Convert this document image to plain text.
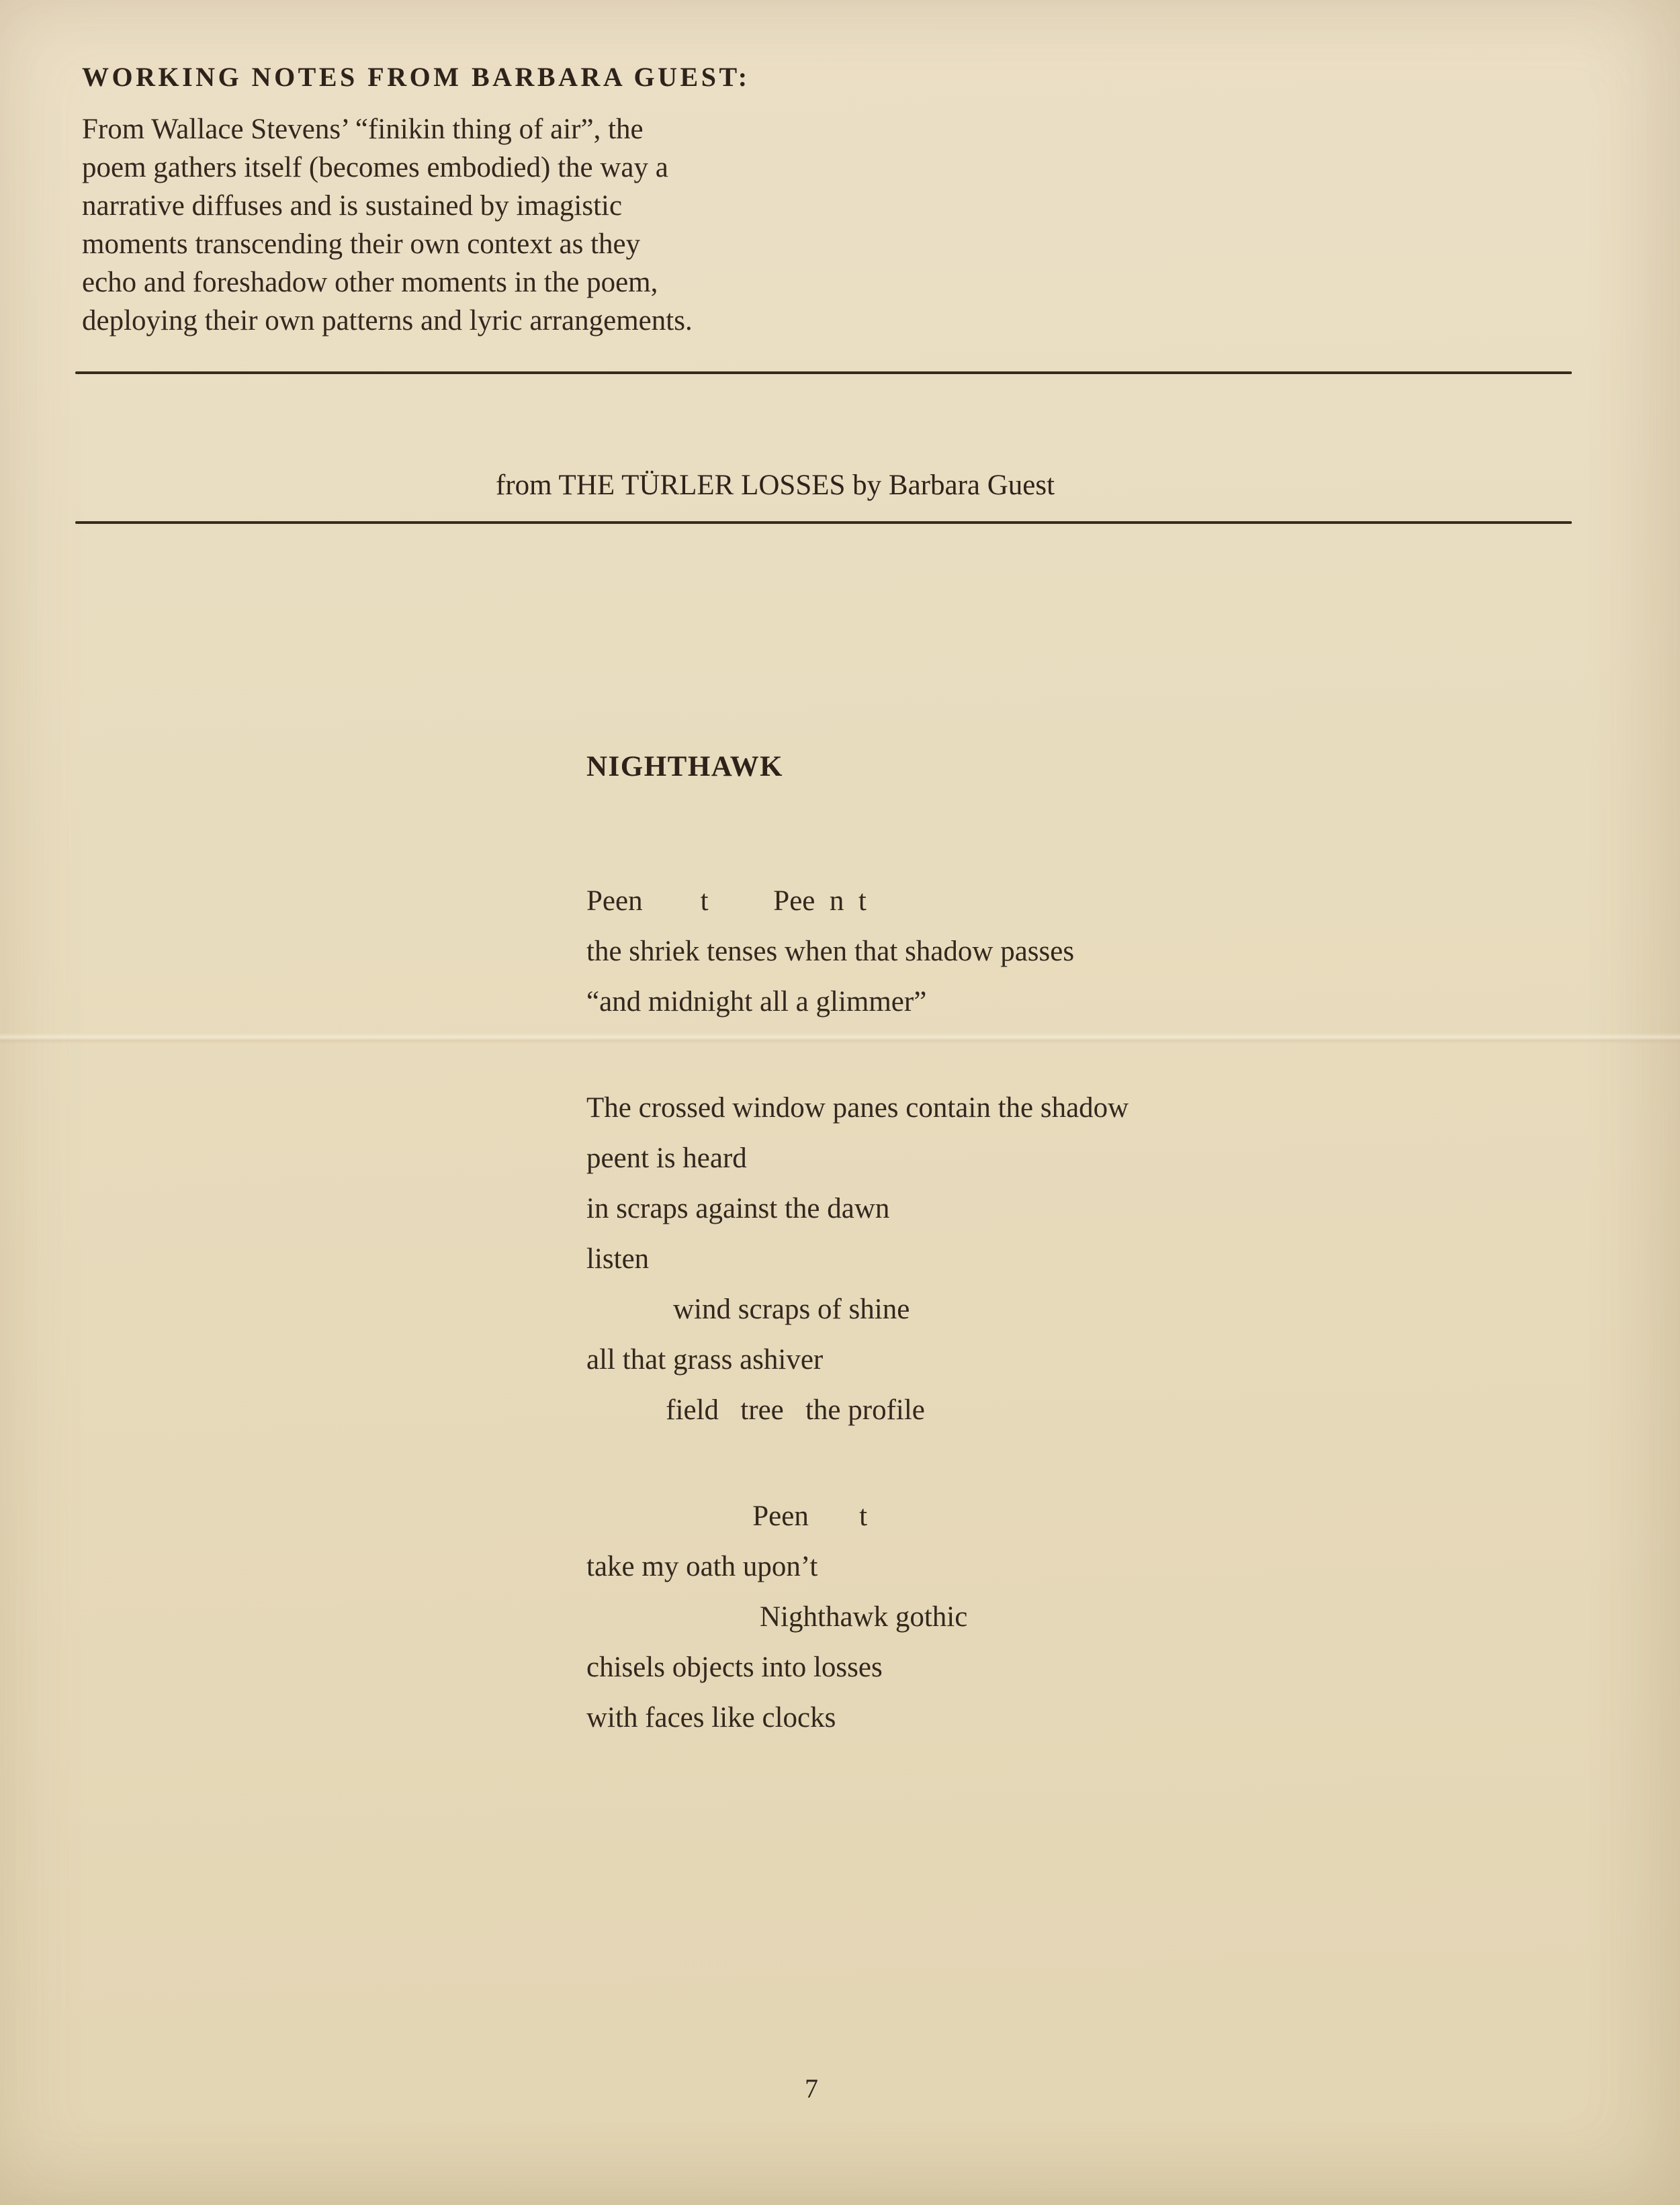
WORKING NOTES FROM BARBARA GUEST:
From Wallace Stevens’ “finikin thing of air”, the
poem gathers itself (becomes embodied) the way a
narrative diffuses and is sustained by imagistic
moments transcending their own context as they
echo and foreshadow other moments in the poem,
deploying their own patterns and lyric arrangements.
from THE TÜRLER LOSSES by Barbara Guest
NIGHTHAWK
Peen        t         Pee  n  t
the shriek tenses when that shadow passes
“and midnight all a glimmer”
The crossed window panes contain the shadow
peent is heard
in scraps against the dawn
listen
wind scraps of shine
all that grass ashiver
field   tree   the profile
Peen       t
take my oath upon’t
Nighthawk gothic
chisels objects into losses
with faces like clocks
7
